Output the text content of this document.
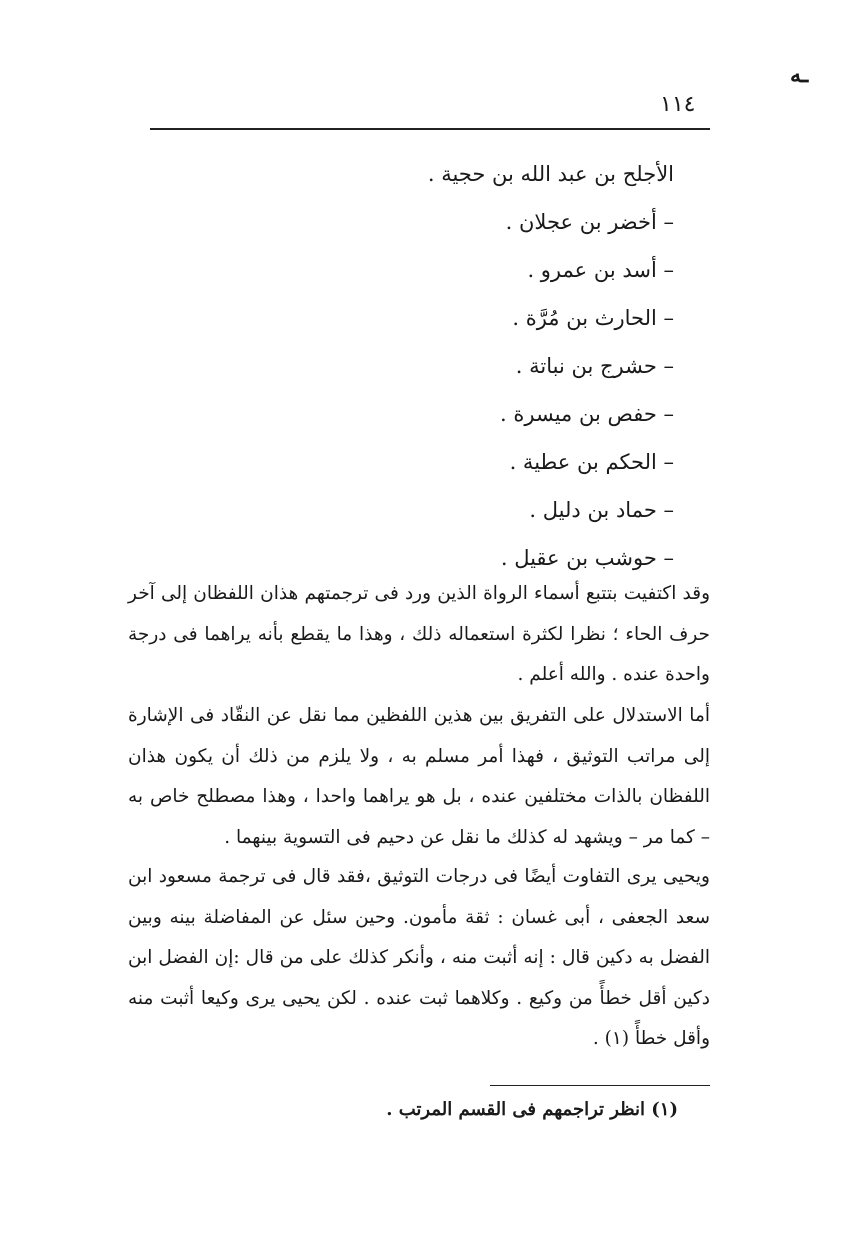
ـه
١١٤
الأجلح بن عبد الله بن حجية .
– أخضر بن عجلان .
– أسد بن عمرو .
– الحارث بن مُرَّة .
– حشرج بن نباتة .
– حفص بن ميسرة .
– الحكم بن عطية .
– حماد بن دليل .
– حوشب بن عقيل .

وقد اكتفيت بتتبع أسماء الرواة الذين ورد فى ترجمتهم هذان اللفظان إلى آخر حرف الحاء ؛ نظرا لكثرة استعماله ذلك ، وهذا ما يقطع بأنه يراهما فى درجة واحدة عنده . والله أعلم .

أما الاستدلال على التفريق بين هذين اللفظين مما نقل عن النقّاد فى الإشارة إلى مراتب التوثيق ، فهذا أمر مسلم به ، ولا يلزم من ذلك أن يكون هذان اللفظان بالذات مختلفين عنده ، بل هو يراهما واحدا ، وهذا مصطلح خاص به – كما مر – ويشهد له كذلك ما نقل عن دحيم فى التسوية بينهما .

ويحيى يرى التفاوت أيضًا فى درجات التوثيق ،فقد قال فى ترجمة مسعود ابن سعد الجعفى ، أبى غسان : ثقة مأمون. وحين سئل عن المفاضلة بينه وبين الفضل به دكين قال : إنه أثبت منه ، وأنكر كذلك على من قال :إن الفضل ابن دكين أقل خطأً من وكيع . وكلاهما ثبت عنده . لكن يحيى يرى وكيعا أثبت منه وأقل خطأً (١) .

(١) انظر تراجمهم فى القسم المرتب .
